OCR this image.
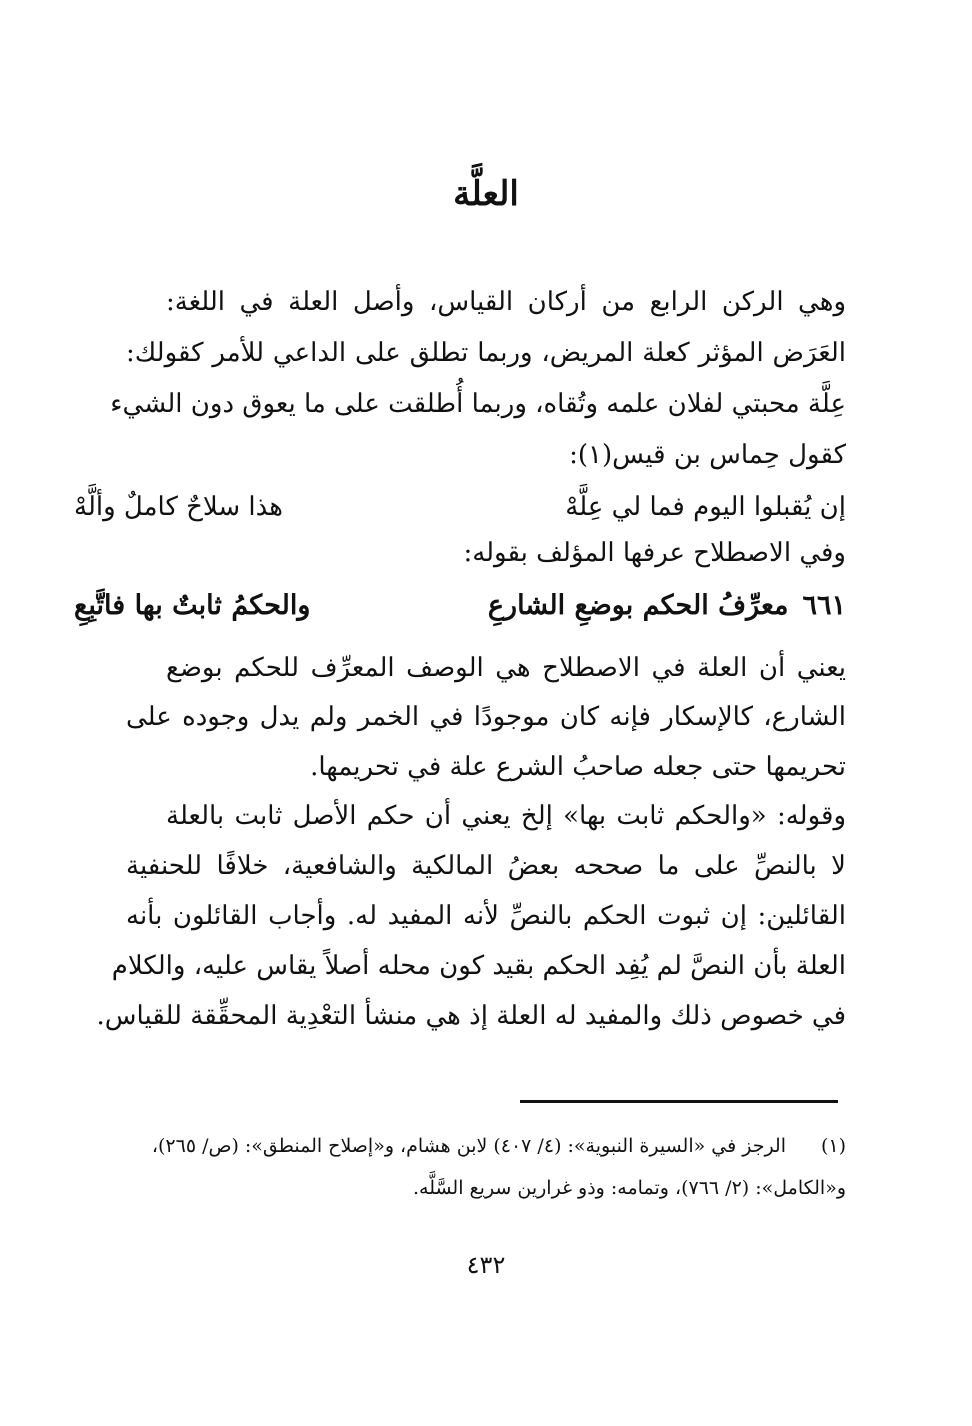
العلَّة
وهي الركن الرابع من أركان القياس، وأصل العلة في اللغة:
العَرَض المؤثر كعلة المريض، وربما تطلق على الداعي للأمر كقولك:
عِلَّة محبتي لفلان علمه وتُقاه، وربما أُطلقت على ما يعوق دون الشيء
كقول حِماس بن قيس(١):
إن يُقبلوا اليوم فما لي عِلَّهْ
هذا سلاحٌ كاملٌ وألَّهْ
وفي الاصطلاح عرفها المؤلف بقوله:
٦٦١معرِّفُ الحكم بوضعِ الشارعِ
والحكمُ ثابتٌ بها فاتَّبِعِ
يعني أن العلة في الاصطلاح هي الوصف المعرِّف للحكم بوضع
الشارع، كالإسكار فإنه كان موجودًا في الخمر ولم يدل وجوده على
تحريمها حتى جعله صاحبُ الشرع علة في تحريمها.
وقوله: «والحكم ثابت بها» إلخ يعني أن حكم الأصل ثابت بالعلة
لا بالنصِّ على ما صححه بعضُ المالكية والشافعية، خلافًا للحنفية
القائلين: إن ثبوت الحكم بالنصِّ لأنه المفيد له. وأجاب القائلون بأنه
العلة بأن النصَّ لم يُفِد الحكم بقيد كون محله أصلاً يقاس عليه، والكلام
في خصوص ذلك والمفيد له العلة إذ هي منشأ التعْدِية المحقِّقة للقياس.
(١)الرجز في «السيرة النبوية»: (٤/ ٤٠٧) لابن هشام، و«إصلاح المنطق»: (ص/ ٢٦٥)،
و«الكامل»: (٢/ ٧٦٦)، وتمامه: وذو غرارين سريع السَّلَّه.
٤٣٢
